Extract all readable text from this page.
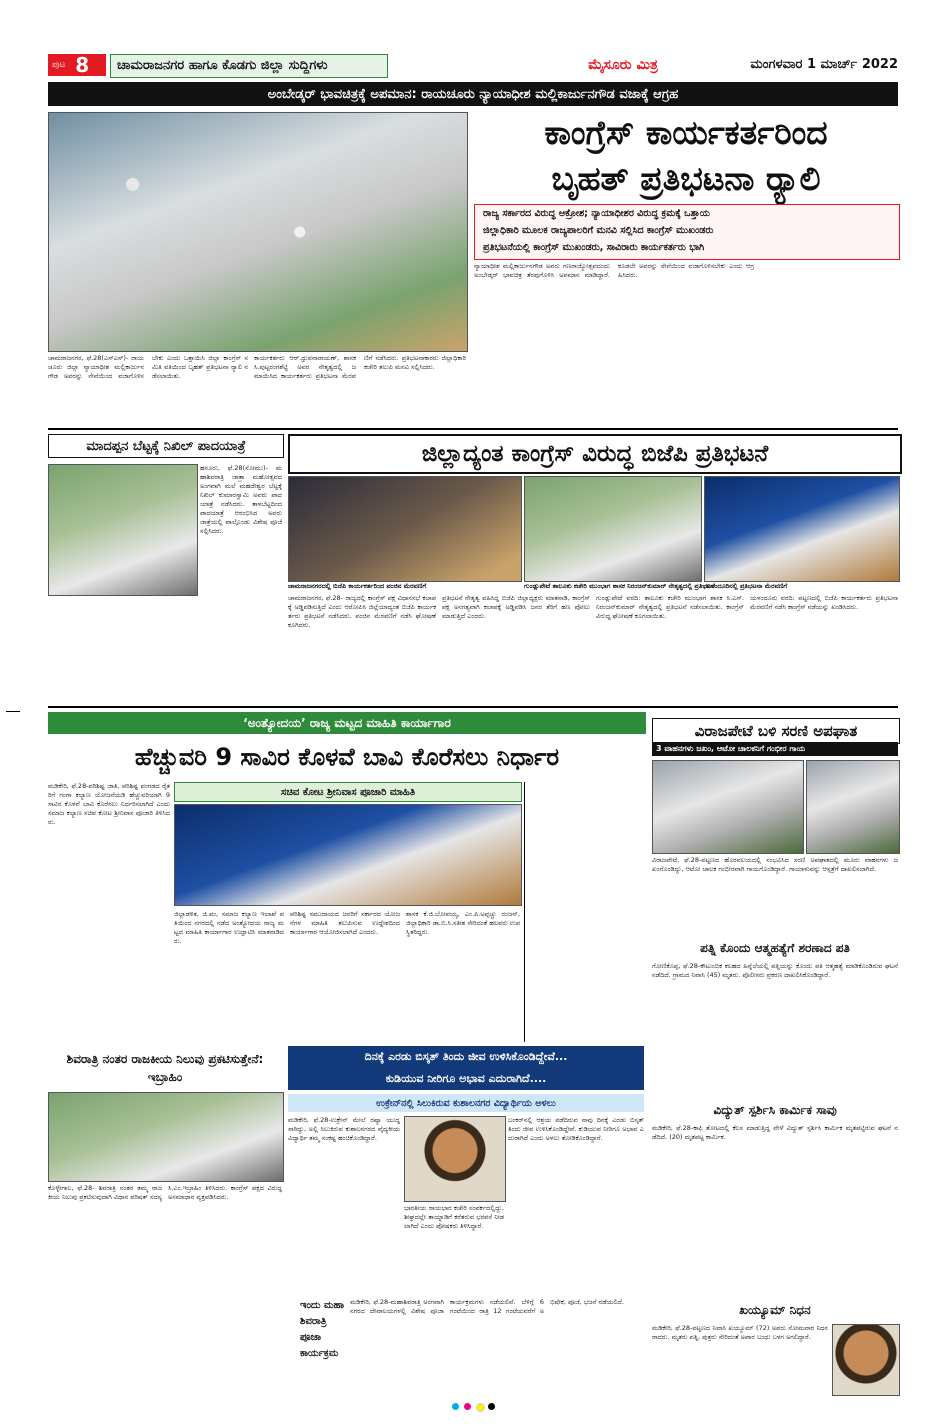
ಪುಟ 8	ಚಾಮರಾಜನಗರ ಹಾಗೂ ಕೊಡಗು ಜಿಲ್ಲಾ ಸುದ್ದಿಗಳು	ಮೈಸೂರು ಮಿತ್ರ	ಮಂಗಳವಾರ 1 ಮಾರ್ಚ್ 2022
ಅಂಬೇಡ್ಕರ್ ಭಾವಚಿತ್ರಕ್ಕೆ ಅಪಮಾನ: ರಾಯಚೂರು ನ್ಯಾಯಾಧೀಶ ಮಲ್ಲಿಕಾರ್ಜುನಗೌಡ ವಜಾಕ್ಕೆ ಆಗ್ರಹ
ಕಾಂಗ್ರೆಸ್ ಕಾರ್ಯಕರ್ತರಿಂದ
ಬೃಹತ್ ಪ್ರತಿಭಟನಾ ರ್‍ಯಾಲಿ
ರಾಜ್ಯ ಸರ್ಕಾರದ ವಿರುದ್ಧ ಆಕ್ರೋಶ; ನ್ಯಾಯಾಧೀಶರ ವಿರುದ್ಧ ಕ್ರಮಕ್ಕೆ ಒತ್ತಾಯ
ಜಿಲ್ಲಾಧಿಕಾರಿ ಮೂಲಕ ರಾಜ್ಯಪಾಲರಿಗೆ ಮನವಿ ಸಲ್ಲಿಸಿದ ಕಾಂಗ್ರೆಸ್ ಮುಖಂಡರು
ಪ್ರತಿಭಟನೆಯಲ್ಲಿ ಕಾಂಗ್ರೆಸ್ ಮುಖಂಡರು, ಸಾವಿರಾರು ಕಾರ್ಯಕರ್ತರು ಭಾಗಿ
ನ್ಯಾಯಾಧೀಶ ಮಲ್ಲಿಕಾರ್ಜುನಗೌಡ ಅವರು ಗಣರಾಜ್ಯೋತ್ಸವದಂದು ಅಂಬೇಡ್ಕರ್ ಭಾವಚಿತ್ರ ತೆರವುಗೊಳಿಸಿ ಅಪಮಾನ ಮಾಡಿದ್ದಾರೆ. ಕೂಡಲೇ ಅವರನ್ನು ಸೇವೆಯಿಂದ ವಜಾಗೊಳಿಸಬೇಕು ಎಂದು ಆಗ್ರಹಿಸಿದರು.
ಚಾಮರಾಜನಗರ, ಫೆ.28(ಎಸ್‌ಎಸ್)- ರಾಯಚೂರು ಜಿಲ್ಲಾ ನ್ಯಾಯಾಧೀಶ ಮಲ್ಲಿಕಾರ್ಜುನಗೌಡ ಅವರನ್ನು ಸೇವೆಯಿಂದ ವಜಾಗೊಳಿಸಬೇಕು ಎಂದು ಒತ್ತಾಯಿಸಿ ಜಿಲ್ಲಾ ಕಾಂಗ್ರೆಸ್ ಸಮಿತಿ ವತಿಯಿಂದ ಬೃಹತ್ ಪ್ರತಿಭಟನಾ ರ್‍ಯಾಲಿ ನಡೆಸಲಾಯಿತು.
ಕಾರ್ಯಕರ್ತರು ಆರ್.ಧ್ರುವನಾರಾಯಣ್, ಶಾಸಕ ಸಿ.ಪುಟ್ಟರಂಗಶೆಟ್ಟಿ ಅವರ ನೇತೃತ್ವದಲ್ಲಿ ಜಮಾಯಿಸಿದ ಕಾರ್ಯಕರ್ತರು ಪ್ರತಿಭಟನಾ ಮೆರವಣಿಗೆ ನಡೆಸಿದರು. ಪ್ರತಿಭಟನಾಕಾರರು ಜಿಲ್ಲಾಧಿಕಾರಿ ಕಚೇರಿ ತಲುಪಿ ಮನವಿ ಸಲ್ಲಿಸಿದರು.
ಮಾದಪ್ಪನ ಬೆಟ್ಟಕ್ಕೆ ನಿಖಿಲ್ ಪಾದಯಾತ್ರೆ
ಹನೂರು, ಫೆ.28(ಸೋಮು)- ಮಹಾಶಿವರಾತ್ರಿ ಜಾತ್ರಾ ಮಹೋತ್ಸವದ ಅಂಗವಾಗಿ ಮಲೆ ಮಹದೇಶ್ವರ ಬೆಟ್ಟಕ್ಕೆ ನಿಖಿಲ್ ಕುಮಾರಸ್ವಾಮಿ ಅವರು ಪಾದಯಾತ್ರೆ ನಡೆಸಿದರು. ತಾಳಬೆಟ್ಟದಿಂದ ಪಾದಯಾತ್ರೆ ಆರಂಭಿಸಿದ ಅವರು ಜಾತ್ರೆಯಲ್ಲಿ ಪಾಲ್ಗೊಂಡು ವಿಶೇಷ ಪೂಜೆ ಸಲ್ಲಿಸಿದರು.
ಜಿಲ್ಲಾದ್ಯಂತ ಕಾಂಗ್ರೆಸ್ ವಿರುದ್ಧ ಬಿಜೆಪಿ ಪ್ರತಿಭಟನೆ
ಚಾಮರಾಜನಗರದಲ್ಲಿ ಬಿಜೆಪಿ ಕಾರ್ಯಕರ್ತರಿಂದ ಪಂಜಿನ ಮೆರವಣಿಗೆ	ಗುಂಡ್ಲುಪೇಟೆ ತಾಲೂಕು ಕಚೇರಿ ಮುಂಭಾಗ ಶಾಸಕ ನಿರಂಜನ್‌ಕುಮಾರ್ ನೇತೃತ್ವದಲ್ಲಿ ಪ್ರತಿಭಟನೆ
ಯಳಂದೂರಿನಲ್ಲಿ ಪ್ರತಿಭಟನಾ ಮೆರವಣಿಗೆ
ಚಾಮರಾಜನಗರ, ಫೆ.28- ರಾಜ್ಯದಲ್ಲಿ ಕಾಂಗ್ರೆಸ್ ಪಕ್ಷ ವಿಧಾನಸಭೆ ಕಲಾಪಕ್ಕೆ ಅಡ್ಡಿಪಡಿಸುತ್ತಿದೆ ಎಂದು ಆರೋಪಿಸಿ ಜಿಲ್ಲೆಯಾದ್ಯಂತ ಬಿಜೆಪಿ ಕಾರ್ಯಕರ್ತರು ಪ್ರತಿಭಟನೆ ನಡೆಸಿದರು. ಪಂಜಿನ ಮೆರವಣಿಗೆ ನಡೆಸಿ ಘೋಷಣೆ ಕೂಗಿದರು.
ಪ್ರತಿಭಟನೆ ನೇತೃತ್ವ ವಹಿಸಿದ್ದ ಬಿಜೆಪಿ ಜಿಲ್ಲಾಧ್ಯಕ್ಷರು ಮಾತನಾಡಿ, ಕಾಂಗ್ರೆಸ್ ಪಕ್ಷ ಅನಗತ್ಯವಾಗಿ ಕಲಾಪಕ್ಕೆ ಅಡ್ಡಿಪಡಿಸಿ ಜನರ ತೆರಿಗೆ ಹಣ ಪೋಲು ಮಾಡುತ್ತಿದೆ ಎಂದರು.
ಗುಂಡ್ಲುಪೇಟೆ ವರದಿ: ತಾಲೂಕು ಕಚೇರಿ ಮುಂಭಾಗ ಶಾಸಕ ಸಿ.ಎಸ್.ನಿರಂಜನ್‌ಕುಮಾರ್ ನೇತೃತ್ವದಲ್ಲಿ ಪ್ರತಿಭಟನೆ ನಡೆಸಲಾಯಿತು. ಕಾಂಗ್ರೆಸ್ ವಿರುದ್ಧ ಘೋಷಣೆ ಕೂಗಲಾಯಿತು.
ಯಳಂದೂರು ವರದಿ: ಪಟ್ಟಣದಲ್ಲಿ ಬಿಜೆಪಿ ಕಾರ್ಯಕರ್ತರು ಪ್ರತಿಭಟನಾ ಮೆರವಣಿಗೆ ನಡೆಸಿ ಕಾಂಗ್ರೆಸ್ ನಡೆಯನ್ನು ಖಂಡಿಸಿದರು.
‘ಅಂತ್ಯೋದಯ’ ರಾಜ್ಯ ಮಟ್ಟದ ಮಾಹಿತಿ ಕಾರ್ಯಾಗಾರ
ಹೆಚ್ಚುವರಿ 9 ಸಾವಿರ ಕೊಳವೆ ಬಾವಿ ಕೊರೆಸಲು ನಿರ್ಧಾರ
ಮಡಿಕೇರಿ, ಫೆ.28-ಪರಿಶಿಷ್ಟ ಜಾತಿ, ಪರಿಶಿಷ್ಟ ಪಂಗಡದ ರೈತರಿಗೆ ಗಂಗಾ ಕಲ್ಯಾಣ ಯೋಜನೆಯಡಿ ಹೆಚ್ಚುವರಿಯಾಗಿ 9 ಸಾವಿರ ಕೊಳವೆ ಬಾವಿ ಕೊರೆಸಲು ನಿರ್ಧರಿಸಲಾಗಿದೆ ಎಂದು ಸಮಾಜ ಕಲ್ಯಾಣ ಸಚಿವ ಕೋಟ ಶ್ರೀನಿವಾಸ ಪೂಜಾರಿ ತಿಳಿಸಿದರು.
ಸಚಿವ ಕೋಟ ಶ್ರೀನಿವಾಸ ಪೂಜಾರಿ ಮಾಹಿತಿ
ಜಿಲ್ಲಾಡಳಿತ, ಜಿ.ಪಂ, ಸಮಾಜ ಕಲ್ಯಾಣ ಇಲಾಖೆ ವತಿಯಿಂದ ನಗರದಲ್ಲಿ ನಡೆದ ಅಂತ್ಯೋದಯ ರಾಜ್ಯ ಮಟ್ಟದ ಮಾಹಿತಿ ಕಾರ್ಯಾಗಾರ ಉದ್ಘಾಟಿಸಿ ಮಾತನಾಡಿದರು.
ಪರಿಶಿಷ್ಟ ಸಮುದಾಯದ ಜನರಿಗೆ ಸರ್ಕಾರದ ಯೋಜನೆಗಳ ಮಾಹಿತಿ ತಲುಪಿಸುವ ಉದ್ದೇಶದಿಂದ ಕಾರ್ಯಾಗಾರ ಆಯೋಜಿಸಲಾಗಿದೆ ಎಂದರು.
ಶಾಸಕ ಕೆ.ಜಿ.ಬೋಪಯ್ಯ, ಎಂ.ಪಿ.ಅಪ್ಪಚ್ಚು ರಂಜನ್, ಜಿಲ್ಲಾಧಿಕಾರಿ ಡಾ.ಬಿ.ಸಿ.ಸತೀಶ ಸೇರಿದಂತೆ ಹಲವರು ಉಪಸ್ಥಿತರಿದ್ದರು.
ವಿರಾಜಪೇಟೆ ಬಳಿ ಸರಣಿ ಅಪಘಾತ
3 ವಾಹನಗಳು ಜಖಂ, ಆಟೋ ಚಾಲಕನಿಗೆ ಗಂಭೀರ ಗಾಯ
ವಿರಾಜಪೇಟೆ, ಫೆ.28-ಪಟ್ಟಣದ ಹೊರವಲಯದಲ್ಲಿ ಸಂಭವಿಸಿದ ಸರಣಿ ಅಪಘಾತದಲ್ಲಿ ಮೂರು ವಾಹನಗಳು ಜಖಂಗೊಂಡಿದ್ದು, ಆಟೋ ಚಾಲಕ ಗಂಭೀರವಾಗಿ ಗಾಯಗೊಂಡಿದ್ದಾರೆ. ಗಾಯಾಳುವನ್ನು ಆಸ್ಪತ್ರೆಗೆ ದಾಖಲಿಸಲಾಗಿದೆ.
ಪತ್ನಿ ಕೊಂದು ಆತ್ಮಹತ್ಯೆಗೆ ಶರಣಾದ ಪತಿ
ಗೋಣಿಕೊಪ್ಪ, ಫೆ.28-ಕೌಟುಂಬಿಕ ಕಲಹದ ಹಿನ್ನೆಲೆಯಲ್ಲಿ ಪತ್ನಿಯನ್ನು ಕೊಂದು ಪತಿ ಆತ್ಮಹತ್ಯೆ ಮಾಡಿಕೊಂಡಿರುವ ಘಟನೆ ನಡೆದಿದೆ. ಗ್ರಾಮದ ನಿವಾಸಿ (45) ಮೃತರು. ಪೊಲೀಸರು ಪ್ರಕರಣ ದಾಖಲಿಸಿಕೊಂಡಿದ್ದಾರೆ.
ವಿದ್ಯುತ್ ಸ್ಪರ್ಶಿಸಿ ಕಾರ್ಮಿಕ ಸಾವು
ಮಡಿಕೇರಿ, ಫೆ.28-ಕಾಫಿ ತೋಟದಲ್ಲಿ ಕೆಲಸ ಮಾಡುತ್ತಿದ್ದ ವೇಳೆ ವಿದ್ಯುತ್ ಸ್ಪರ್ಶಿಸಿ ಕಾರ್ಮಿಕ ಮೃತಪಟ್ಟಿರುವ ಘಟನೆ ನಡೆದಿದೆ. (20) ಮೃತಪಟ್ಟ ಕಾರ್ಮಿಕ.
ಶಿವರಾತ್ರಿ ನಂತರ ರಾಜಕೀಯ ನಿಲುವು ಪ್ರಕಟಿಸುತ್ತೇನೆ: ಇಬ್ರಾಹಿಂ
ಕೊಳ್ಳೇಗಾಲ, ಫೆ.28- ಶಿವರಾತ್ರಿ ನಂತರ ತಮ್ಮ ರಾಜಕೀಯ ನಿಲುವು ಪ್ರಕಟಿಸುವುದಾಗಿ ವಿಧಾನ ಪರಿಷತ್ ಸದಸ್ಯ ಸಿ.ಎಂ.ಇಬ್ರಾಹಿಂ ತಿಳಿಸಿದರು. ಕಾಂಗ್ರೆಸ್ ಪಕ್ಷದ ವಿರುದ್ಧ ಅಸಮಾಧಾನ ವ್ಯಕ್ತಪಡಿಸಿದರು.
ದಿನಕ್ಕೆ ಎರಡು ಬಿಸ್ಕತ್ ತಿಂದು ಜೀವ ಉಳಿಸಿಕೊಂಡಿದ್ದೇವೆ...
ಕುಡಿಯುವ ನೀರಿಗೂ ಅಭಾವ ಎದುರಾಗಿದೆ....
ಉಕ್ರೇನ್‌ನಲ್ಲಿ ಸಿಲುಕಿರುವ ಕುಶಾಲನಗರ ವಿದ್ಯಾರ್ಥಿಯ ಅಳಲು
ಮಡಿಕೇರಿ, ಫೆ.28-ಉಕ್ರೇನ್ ಮೇಲೆ ರಷ್ಯಾ ಯುದ್ಧ ಸಾರಿದ್ದು, ಅಲ್ಲಿ ಸಿಲುಕಿರುವ ಕುಶಾಲನಗರದ ವೈದ್ಯಕೀಯ ವಿದ್ಯಾರ್ಥಿ ತಮ್ಮ ಸಂಕಷ್ಟ ಹಂಚಿಕೊಂಡಿದ್ದಾರೆ.
ಬಂಕರ್‌ನಲ್ಲಿ ಆಶ್ರಯ ಪಡೆದಿರುವ ನಾವು ದಿನಕ್ಕೆ ಎರಡು ಬಿಸ್ಕತ್ ತಿಂದು ಜೀವ ಉಳಿಸಿಕೊಂಡಿದ್ದೇವೆ. ಕುಡಿಯುವ ನೀರಿಗೂ ಅಭಾವ ಎದುರಾಗಿದೆ ಎಂದು ಅಳಲು ತೋಡಿಕೊಂಡಿದ್ದಾರೆ.
ಭಾರತೀಯ ರಾಯಭಾರ ಕಚೇರಿ ಸಂಪರ್ಕದಲ್ಲಿದ್ದು, ಶೀಘ್ರದಲ್ಲೇ ತಾಯ್ನಾಡಿಗೆ ಕರೆತರುವ ಭರವಸೆ ನೀಡಲಾಗಿದೆ ಎಂದು ಪೋಷಕರು ತಿಳಿಸಿದ್ದಾರೆ.
ಇಂದು ಮಹಾ ಶಿವರಾತ್ರಿ ಪೂಜಾ ಕಾರ್ಯಕ್ರಮ
ಮಡಿಕೇರಿ, ಫೆ.28-ಮಹಾಶಿವರಾತ್ರಿ ಅಂಗವಾಗಿ ನಗರದ ದೇವಾಲಯಗಳಲ್ಲಿ ವಿಶೇಷ ಪೂಜಾ ಕಾರ್ಯಕ್ರಮಗಳು ನಡೆಯಲಿವೆ. ಬೆಳಿಗ್ಗೆ 6 ಗಂಟೆಯಿಂದ ರಾತ್ರಿ 12 ಗಂಟೆಯವರೆಗೆ ಅಭಿಷೇಕ, ಪೂಜೆ, ಭಜನೆ ನಡೆಯಲಿದೆ.
ಖಯ್ಯೂಮ್ ನಿಧನ
ಮಡಿಕೇರಿ, ಫೆ.28-ಪಟ್ಟಣದ ನಿವಾಸಿ ಖಯ್ಯೂಮ್ (72) ಅವರು ಸೋಮವಾರ ನಿಧನರಾದರು. ಮೃತರು ಪತ್ನಿ, ಪುತ್ರರು ಸೇರಿದಂತೆ ಅಪಾರ ಬಂಧು ಬಳಗ ಅಗಲಿದ್ದಾರೆ.
